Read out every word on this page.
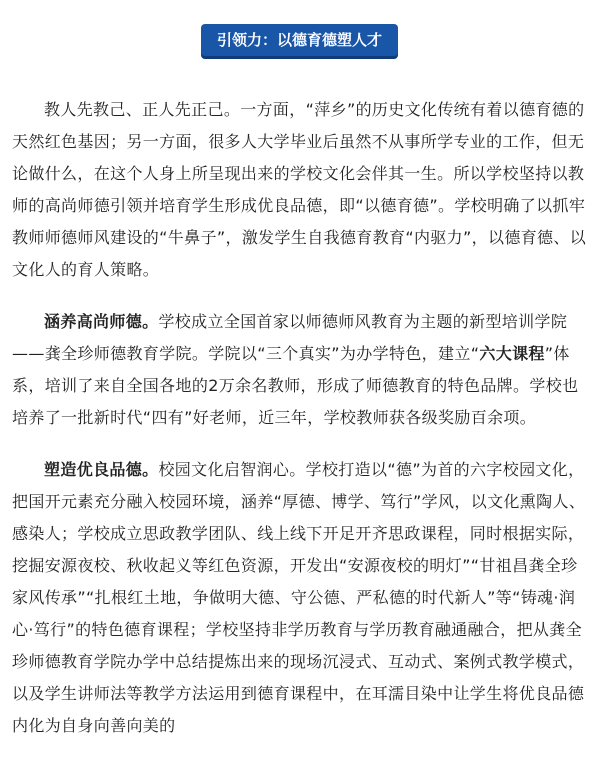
引领力：以德育德塑人才

教人先教己、正人先正己。一方面，“萍乡”的历史文化传统有着以德育德的天然红色基因；另一方面，很多人大学毕业后虽然不从事所学专业的工作，但无论做什么，在这个人身上所呈现出来的学校文化会伴其一生。所以学校坚持以教师的高尚师德引领并培育学生形成优良品德，即“以德育德”。学校明确了以抓牢教师师德师风建设的“牛鼻子”，激发学生自我德育教育“内驱力”，以德育德、以文化人的育人策略。

涵养高尚师德。学校成立全国首家以师德师风教育为主题的新型培训学院——龚全珍师德教育学院。学院以“三个真实”为办学特色，建立“六大课程”体系，培训了来自全国各地的2万余名教师，形成了师德教育的特色品牌。学校也培养了一批新时代“四有”好老师，近三年，学校教师获各级奖励百余项。

塑造优良品德。校园文化启智润心。学校打造以“德”为首的六字校园文化，把国开元素充分融入校园环境，涵养“厚德、博学、笃行”学风，以文化熏陶人、感染人；学校成立思政教学团队、线上线下开足开齐思政课程，同时根据实际，挖掘安源夜校、秋收起义等红色资源，开发出“安源夜校的明灯”“甘祖昌龚全珍家风传承”“扎根红土地，争做明大德、守公德、严私德的时代新人”等“铸魂·润心·笃行”的特色德育课程；学校坚持非学历教育与学历教育融通融合，把从龚全珍师德教育学院办学中总结提炼出来的现场沉浸式、互动式、案例式教学模式，以及学生讲师法等教学方法运用到德育课程中，在耳濡目染中让学生将优良品德内化为自身向善向美的
